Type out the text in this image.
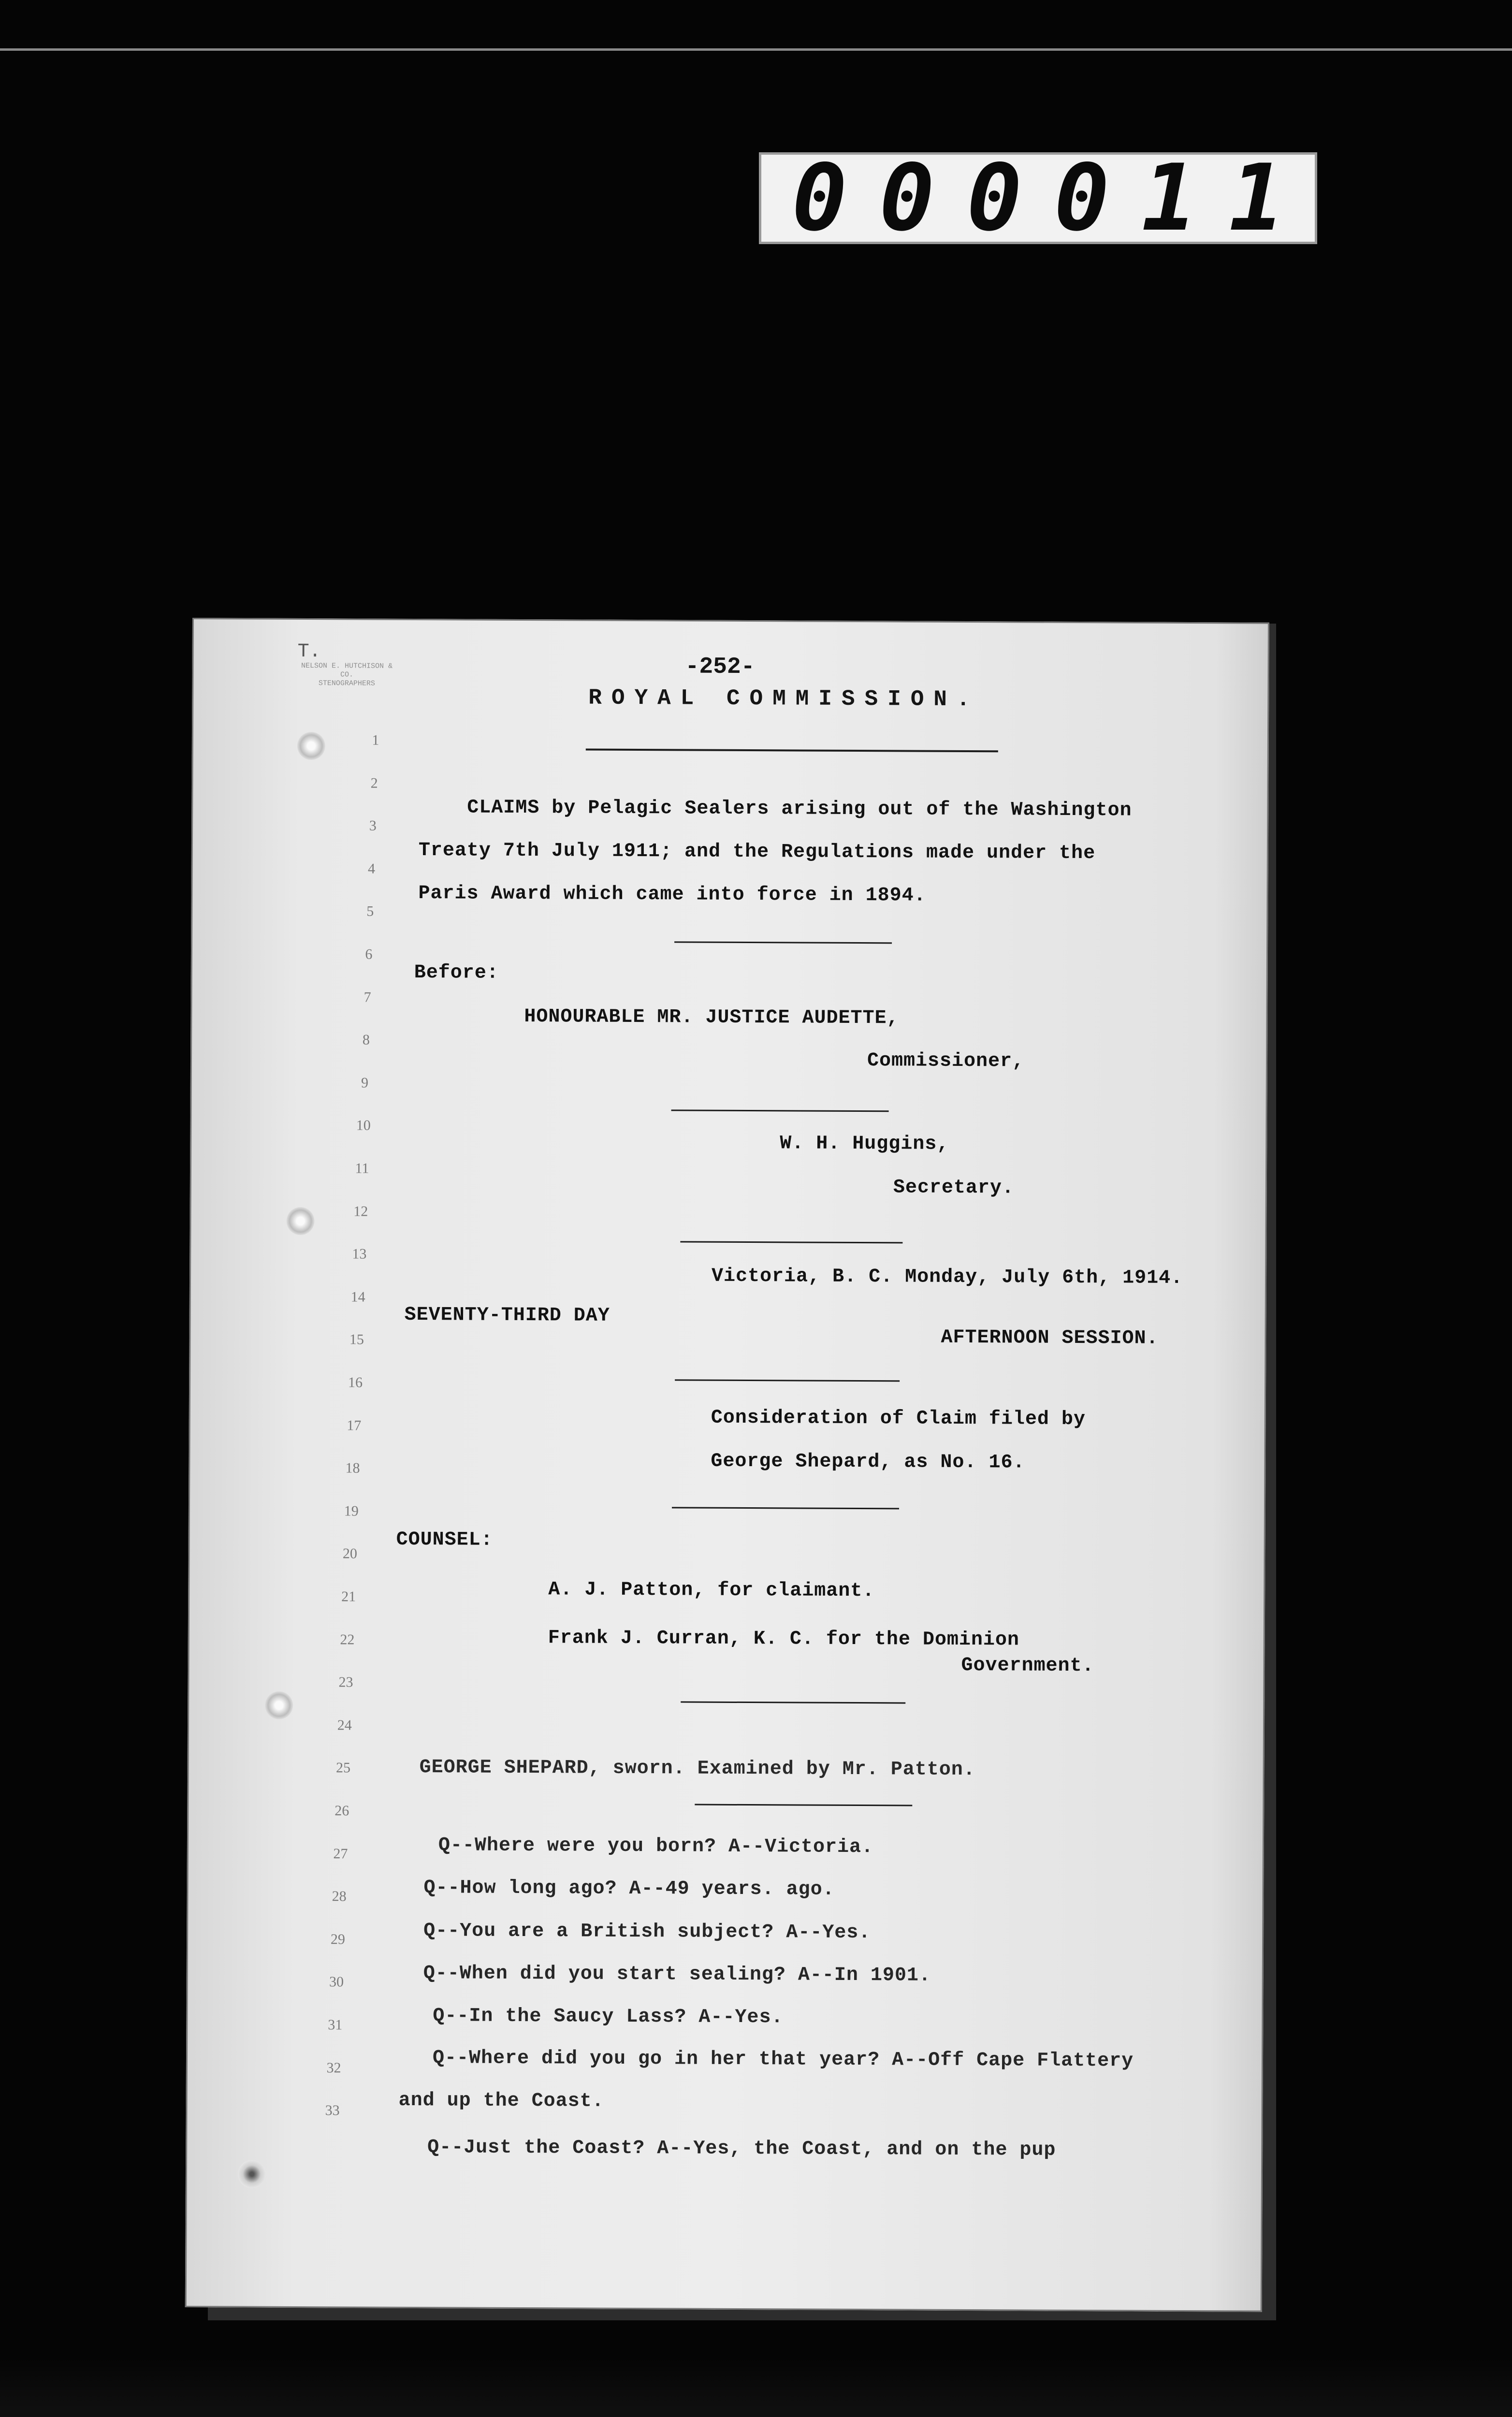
0 0 0 0 1 1
T.
NELSON E. HUTCHISON & CO.
STENOGRAPHERS
-252-
ROYAL COMMISSION.
1
2
3
4
5
6
7
8
9
10
11
12
13
14
15
16
17
18
19
20
21
22
23
24
25
26
27
28
29
30
31
32
33
CLAIMS by Pelagic Sealers arising out of the Washington
Treaty 7th July 1911; and the Regulations made under the
Paris Award which came into force in 1894.
Before:
HONOURABLE MR. JUSTICE AUDETTE,
Commissioner,
W. H. Huggins,
Secretary.
Victoria, B. C. Monday, July 6th, 1914.
SEVENTY-THIRD DAY
AFTERNOON SESSION.
Consideration of Claim filed by
George Shepard, as No. 16.
COUNSEL:
A. J. Patton, for claimant.
Frank J. Curran, K. C. for the Dominion
Government.
GEORGE SHEPARD, sworn. Examined by Mr. Patton.
Q--Where were you born? A--Victoria.
Q--How long ago? A--49 years. ago.
Q--You are a British subject? A--Yes.
Q--When did you start sealing? A--In 1901.
Q--In the Saucy Lass? A--Yes.
Q--Where did you go in her that year? A--Off Cape Flattery
and up the Coast.
Q--Just the Coast? A--Yes, the Coast, and on the pup
